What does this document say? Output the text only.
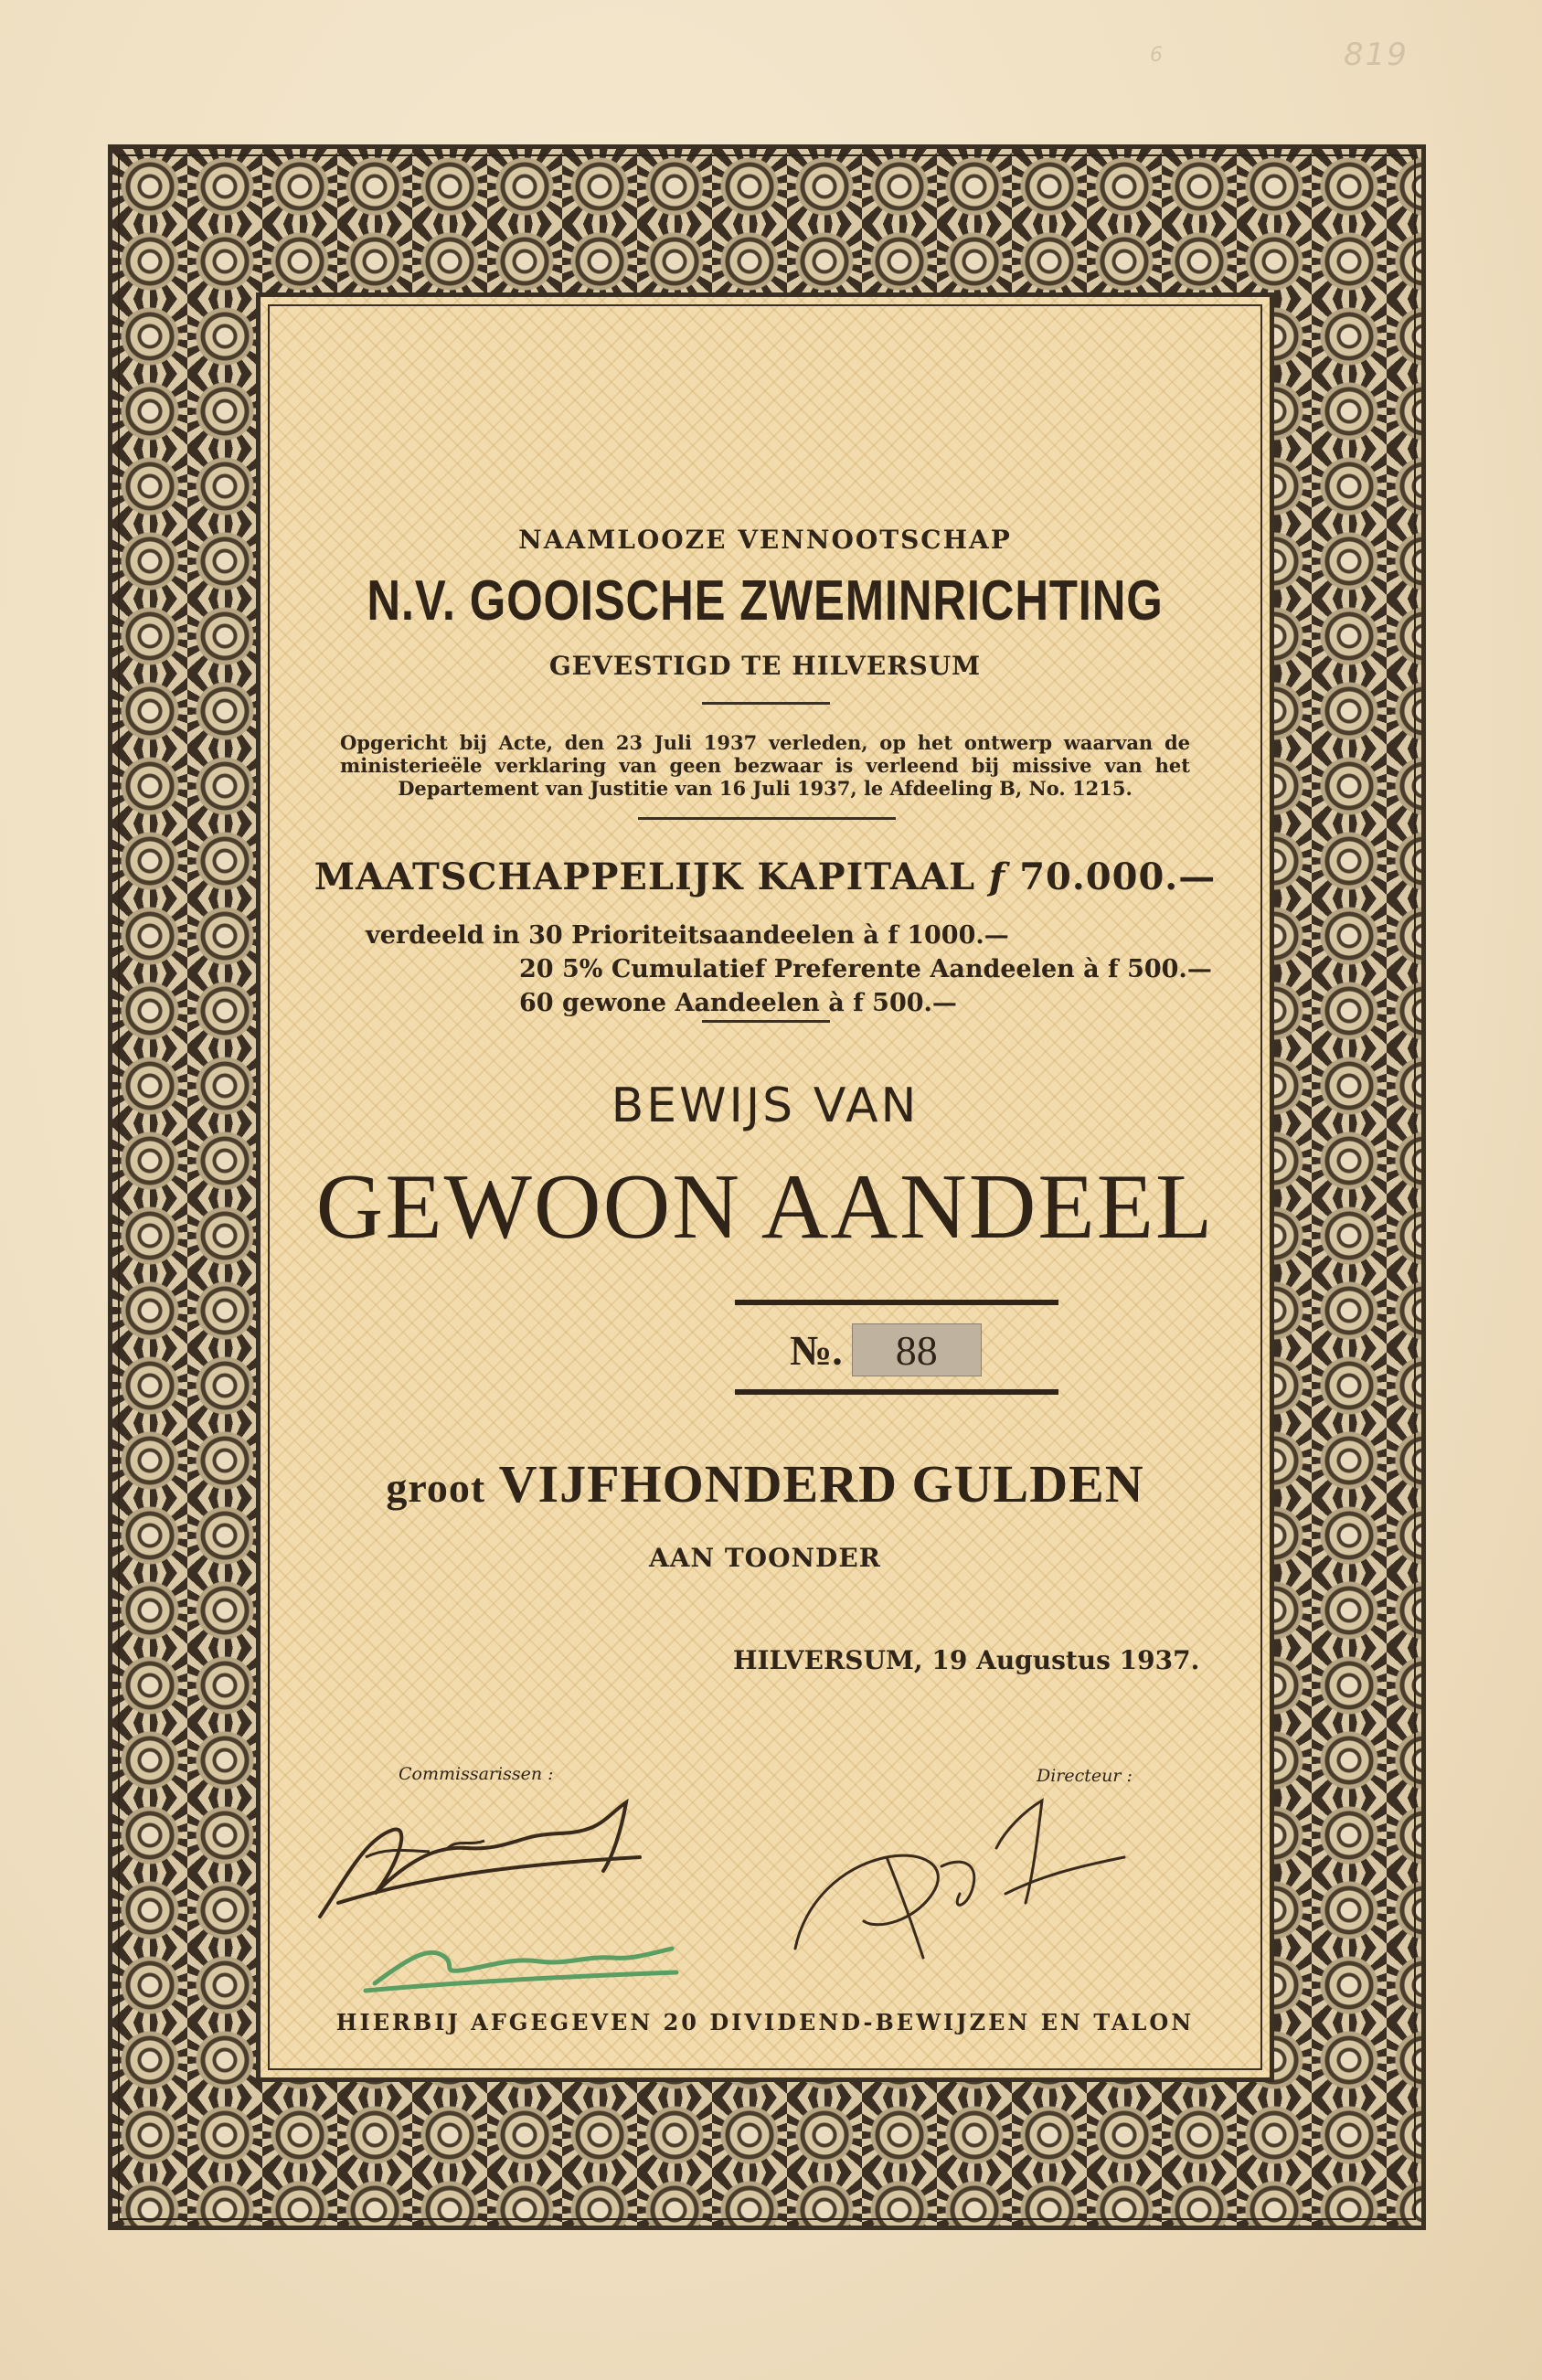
819
6
NAAMLOOZE VENNOOTSCHAP
N.V. GOOISCHE ZWEMINRICHTING
GEVESTIGD TE HILVERSUM
Opgericht bij Acte, den 23 Juli 1937 verleden, op het ontwerp waarvan de ministerieële verklaring van geen bezwaar is verleend bij missive van het Departement van Justitie van 16 Juli 1937, le Afdeeling B, No. 1215.
MAATSCHAPPELIJK KAPITAAL f 70.000.—
verdeeld in 30 Prioriteitsaandeelen à f 1000.—
20 5% Cumulatief Preferente Aandeelen à f 500.—
60 gewone Aandeelen à f 500.—
BEWIJS VAN
GEWOON AANDEEL
№.	88
groot VIJFHONDERD GULDEN
AAN TOONDER
HILVERSUM, 19 Augustus 1937.
Commissarissen :	Directeur :
HIERBIJ AFGEGEVEN 20 DIVIDEND-BEWIJZEN EN TALON
